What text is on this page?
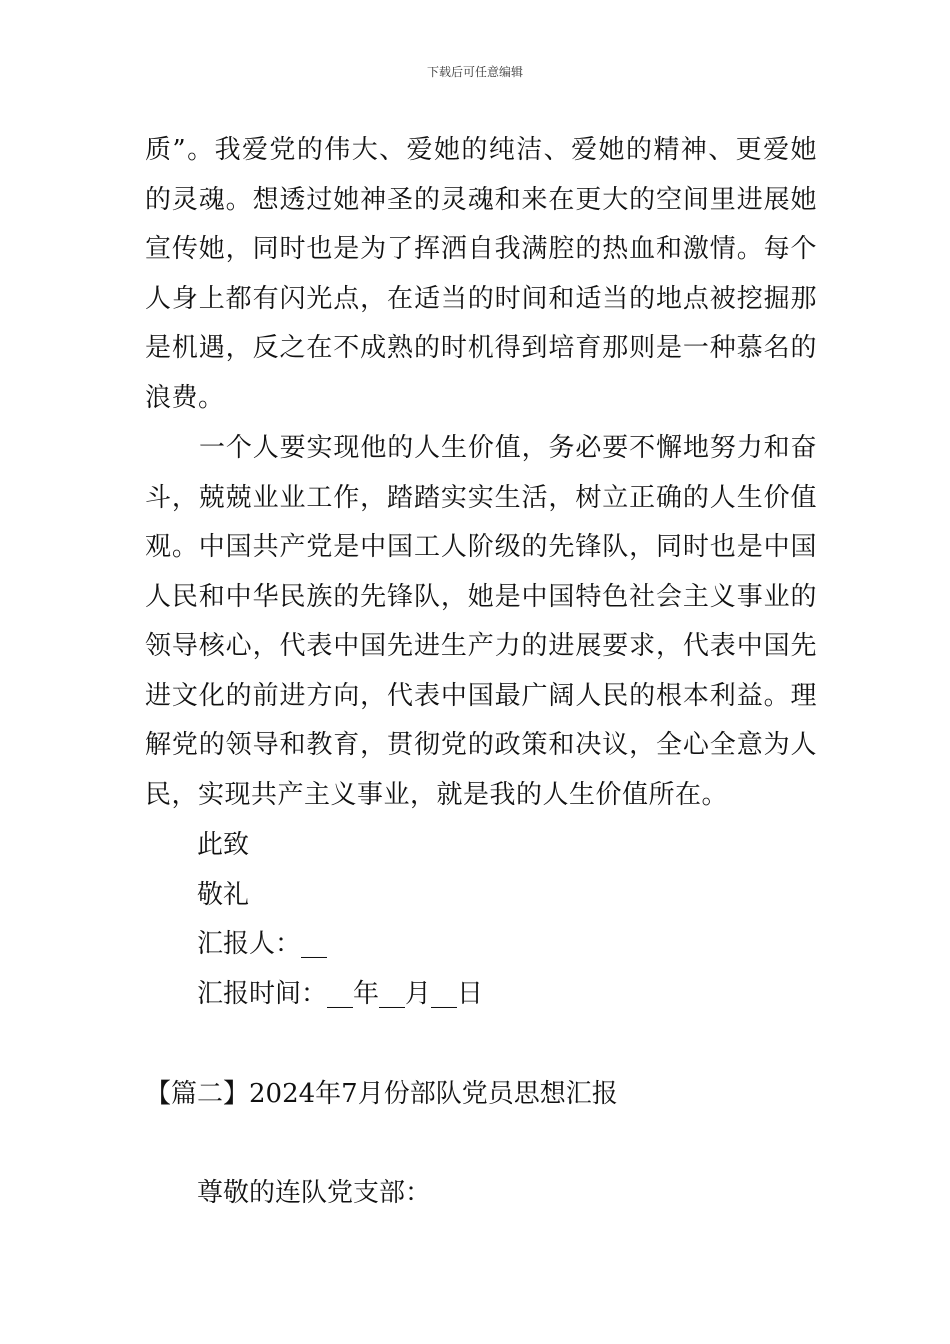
下载后可任意编辑

质”。我爱党的伟大、爱她的纯洁、爱她的精神、更爱她的灵魂。想透过她神圣的灵魂和来在更大的空间里进展她宣传她，同时也是为了挥洒自我满腔的热血和激情。每个人身上都有闪光点，在适当的时间和适当的地点被挖掘那是机遇，反之在不成熟的时机得到培育那则是一种慕名的浪费。

一个人要实现他的人生价值，务必要不懈地努力和奋斗，兢兢业业工作，踏踏实实生活，树立正确的人生价值观。中国共产党是中国工人阶级的先锋队，同时也是中国人民和中华民族的先锋队，她是中国特色社会主义事业的领导核心，代表中国先进生产力的进展要求，代表中国先进文化的前进方向，代表中国最广阔人民的根本利益。理解党的领导和教育，贯彻党的政策和决议，全心全意为人民，实现共产主义事业，就是我的人生价值所在。

此致

敬礼

汇报人：__

汇报时间：__年__月__日

【篇二】2024年7月份部队党员思想汇报

尊敬的连队党支部：
